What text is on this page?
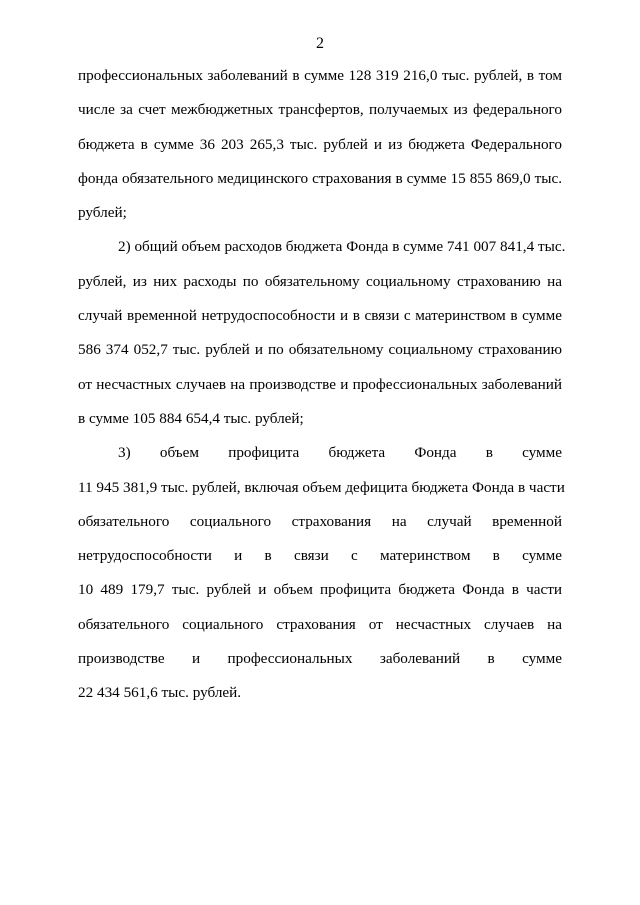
2
профессиональных заболеваний в сумме 128 319 216,0 тыс. рублей, в том
числе за счет межбюджетных трансфертов, получаемых из федерального
бюджета в сумме 36 203 265,3 тыс. рублей и из бюджета Федерального
фонда обязательного медицинского страхования в сумме 15 855 869,0 тыс.
рублей;
2) общий объем расходов бюджета Фонда в сумме 741 007 841,4 тыс.
рублей, из них расходы по обязательному социальному страхованию на
случай временной нетрудоспособности и в связи с материнством в сумме
586 374 052,7 тыс. рублей и по обязательному социальному страхованию
от несчастных случаев на производстве и профессиональных заболеваний
в сумме 105 884 654,4 тыс. рублей;
3) объем профицита бюджета Фонда в сумме
11 945 381,9 тыс. рублей, включая объем дефицита бюджета Фонда в части
обязательного социального страхования на случай временной
нетрудоспособности и в связи с материнством в сумме
10 489 179,7 тыс. рублей и объем профицита бюджета Фонда в части
обязательного социального страхования от несчастных случаев на
производстве и профессиональных заболеваний в сумме
22 434 561,6 тыс. рублей.
